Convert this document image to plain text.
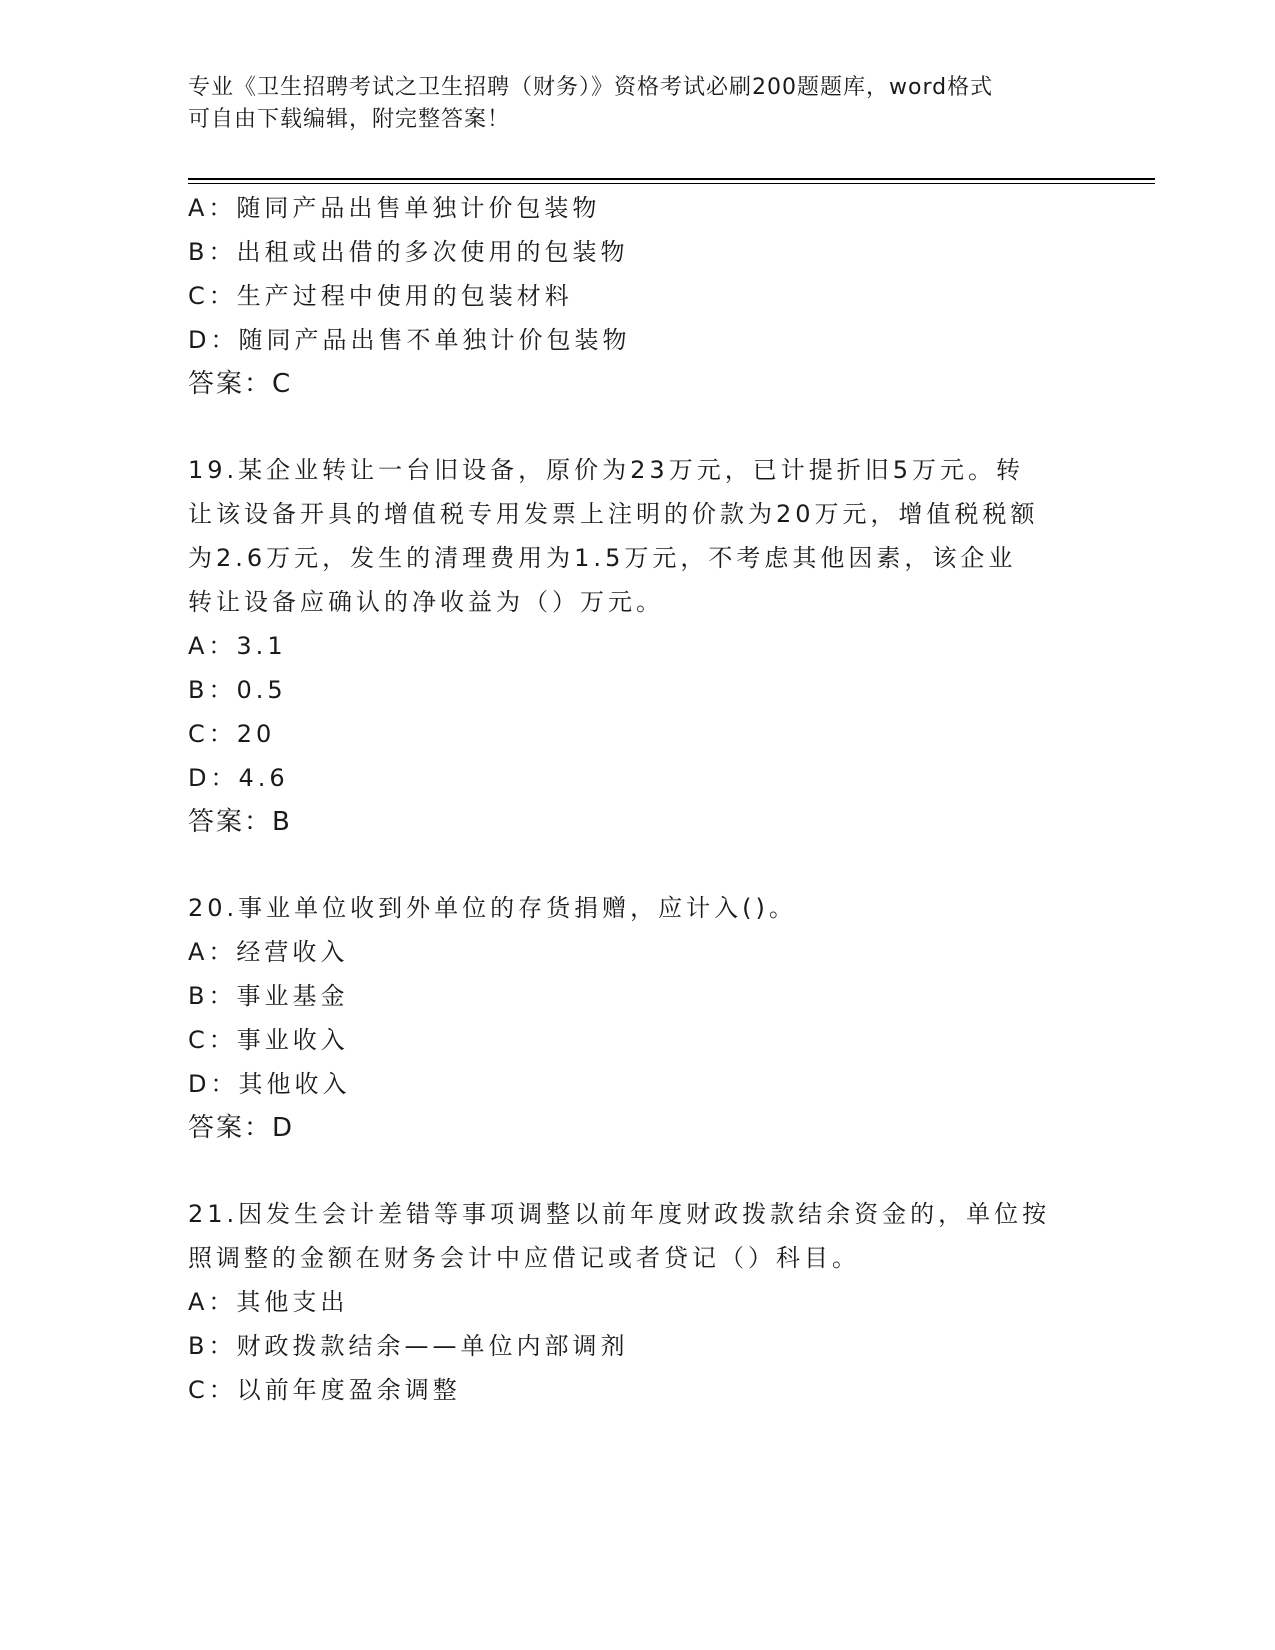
专业《卫生招聘考试之卫生招聘（财务）》资格考试必刷200题题库，word格式
可自由下载编辑，附完整答案！
A：随同产品出售单独计价包装物
B：出租或出借的多次使用的包装物
C：生产过程中使用的包装材料
D：随同产品出售不单独计价包装物
答案：C
19.某企业转让一台旧设备，原价为23万元，已计提折旧5万元。转
让该设备开具的增值税专用发票上注明的价款为20万元，增值税税额
为2.6万元，发生的清理费用为1.5万元，不考虑其他因素，该企业
转让设备应确认的净收益为（）万元。
A：3.1
B：0.5
C：20
D：4.6
答案：B
20.事业单位收到外单位的存货捐赠，应计入()。
A：经营收入
B：事业基金
C：事业收入
D：其他收入
答案：D
21.因发生会计差错等事项调整以前年度财政拨款结余资金的，单位按
照调整的金额在财务会计中应借记或者贷记（）科目。
A：其他支出
B：财政拨款结余——单位内部调剂
C：以前年度盈余调整
